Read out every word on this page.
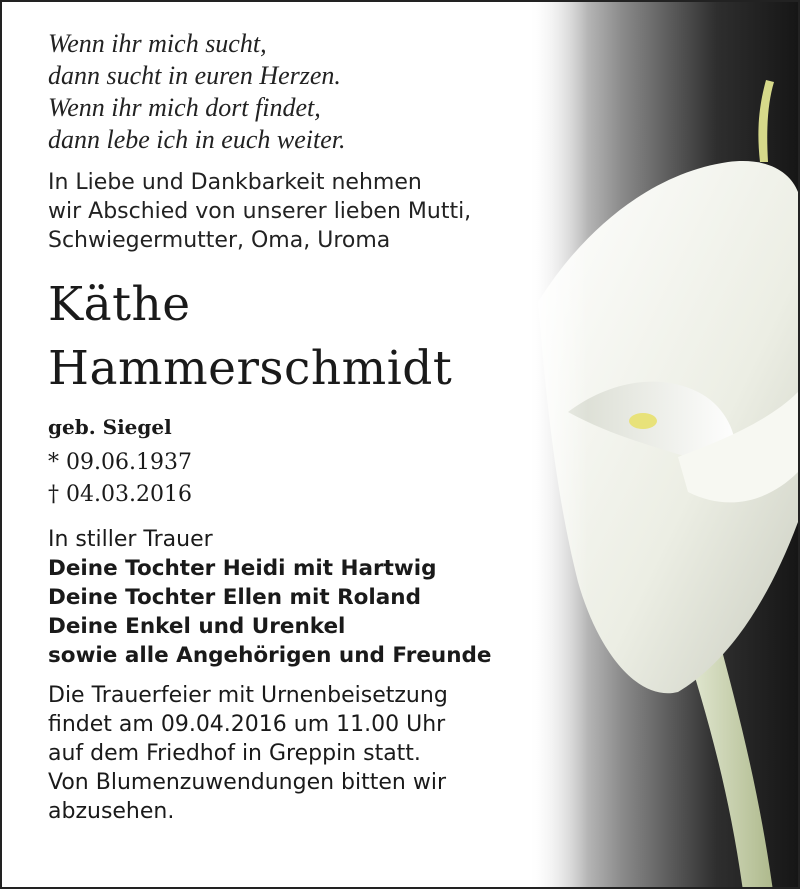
Wenn ihr mich sucht,
dann sucht in euren Herzen.
Wenn ihr mich dort findet,
dann lebe ich in euch weiter.
In Liebe und Dankbarkeit nehmen
wir Abschied von unserer lieben Mutti,
Schwiegermutter, Oma, Uroma
Käthe
Hammerschmidt
geb. Siegel
* 09.06.1937
† 04.03.2016
In stiller Trauer
Deine Tochter Heidi mit Hartwig
Deine Tochter Ellen mit Roland
Deine Enkel und Urenkel
sowie alle Angehörigen und Freunde
Die Trauerfeier mit Urnenbeisetzung
findet am 09.04.2016 um 11.00 Uhr
auf dem Friedhof in Greppin statt.
Von Blumenzuwendungen bitten wir
abzusehen.
